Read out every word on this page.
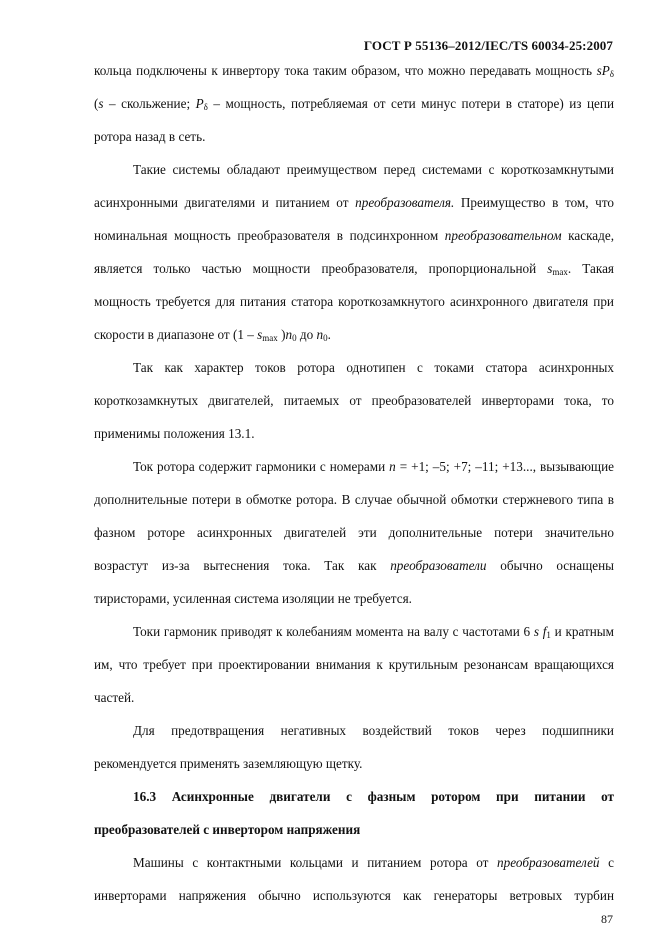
ГОСТ Р 55136–2012/IEC/TS 60034-25:2007
кольца подключены к инвертору тока таким образом, что можно передавать мощность $sP_\delta$
(s – скольжение; $P_\delta$ – мощность, потребляемая от сети минус потери в статоре) из цепи
ротора назад в сеть.
Такие системы обладают преимуществом перед системами с короткозамкнутыми
асинхронными двигателями и питанием от преобразователя. Преимущество в том, что
номинальная мощность преобразователя в подсинхронном преобразовательном каскаде,
является только частью мощности преобразователя, пропорциональной $s_{max}$. Такая
мощность требуется для питания статора короткозамкнутого асинхронного двигателя при
скорости в диапазоне от ($1 - s_{max}$ )$n_0$ до $n_0$.
Так как характер токов ротора однотипен с токами статора асинхронных
короткозамкнутых двигателей, питаемых от преобразователей инверторами тока, то
применимы положения 13.1.
Ток ротора содержит гармоники с номерами n = +1; –5; +7; –11; +13..., вызывающие
дополнительные потери в обмотке ротора. В случае обычной обмотки стержневого типа в
фазном роторе асинхронных двигателей эти дополнительные потери значительно
возрастут из-за вытеснения тока. Так как преобразователи обычно оснащены
тиристорами, усиленная система изоляции не требуется.
Токи гармоник приводят к колебаниям момента на валу с частотами 6 s $f_1$ и кратным
им, что требует при проектировании внимания к крутильным резонансам вращающихся
частей.
Для предотвращения негативных воздействий токов через подшипники
рекомендуется применять заземляющую щетку.
16.3 Асинхронные двигатели с фазным ротором при питании от
преобразователей с инвертором напряжения
Машины с контактными кольцами и питанием ротора от преобразователей с
инверторами напряжения обычно используются как генераторы ветровых турбин
87
